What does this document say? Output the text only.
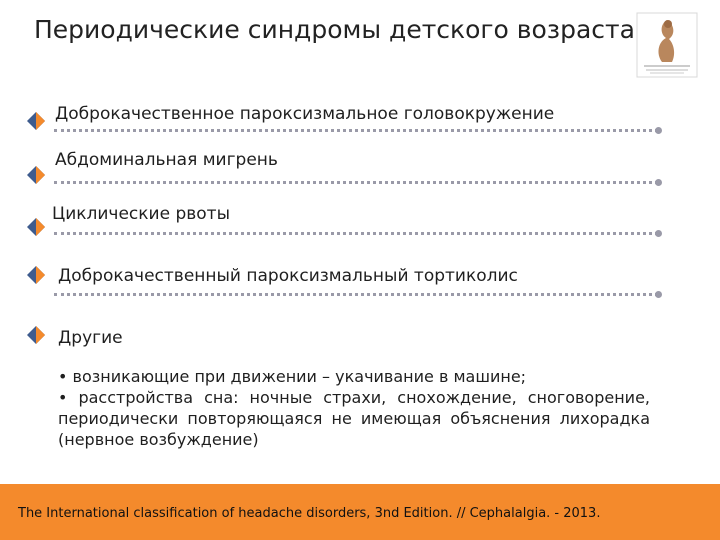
Периодические синдромы детского возраста
Доброкачественное пароксизмальное головокружение
Абдоминальная мигрень
Циклические рвоты
Доброкачественный пароксизмальный тортиколис
Другие

• возникающие при движении – укачивание в машине;

• расстройства сна: ночные страхи, снохождение, сноговорение, периодически повторяющаяся не имеющая объяснения лихорадка (нервное возбуждение)

The International classification of headache disorders, 3nd Edition. // Cephalalgia. - 2013.
